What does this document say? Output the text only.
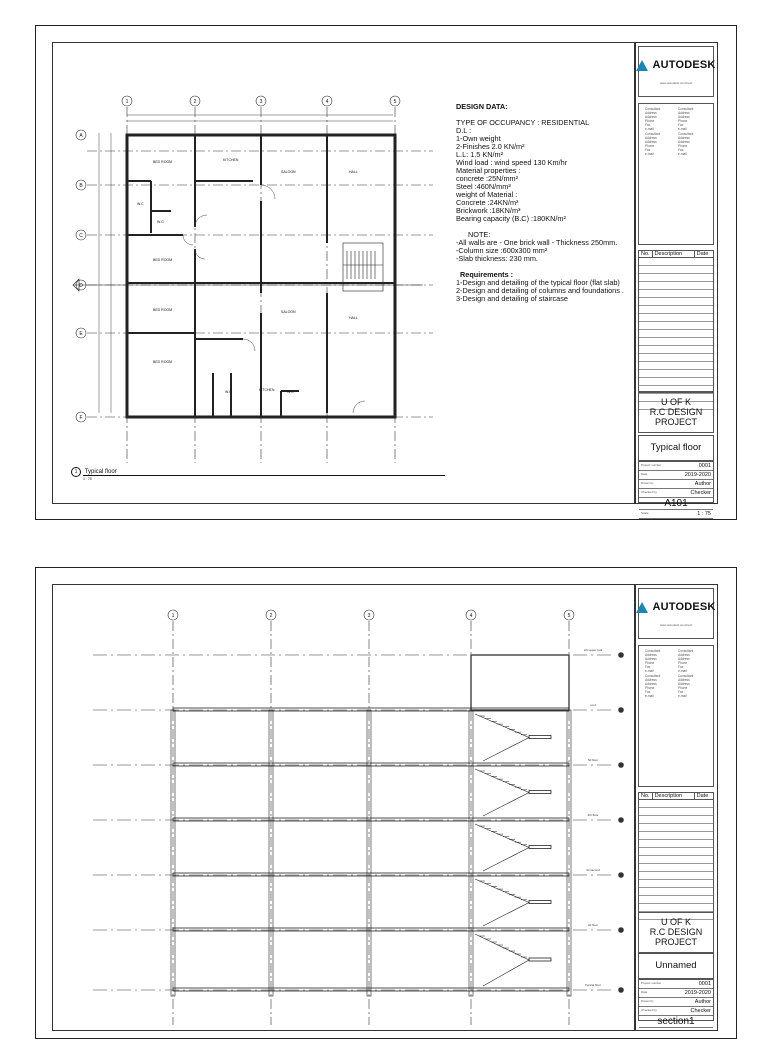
1	2	3	4	5
A
B
C
D
E
F
BED ROOM	KITCHEN
SALOON	HALL
W.C
W.C
BED ROOM
BED ROOM	SALOON
HALL
BED ROOM
KITCHEN
W.C	W.C
DESIGN DATA:
TYPE OF OCCUPANCY : RESIDENTIAL
D.L :
1-Own weight
2-Finishes 2.0 KN/m²
L.L: 1.5 KN/m²
Wind load : wind speed 130 Km/hr
Material properties :
concrete :25N/mm²
Steel :460N/mm²
weight of Material :
Concrete :24KN/m³
Brickwork :18KN/m³
Bearing capacity (B.C) :180KN/m²
NOTE:
-All walls are - One brick wall - Thickness 250mm.
-Column size :600x300 mm²
-Slab thickness: 230 mm.
Requirements :
1-Design and detailing of the typical floor (flat slab)
2-Design and detailing of columns and foundations .
3-Design and detailing of staircase
1 Typical floor
1 : 75
AUTODESK
www.autodesk.com/revit
Consultant
Address
Address
Phone
Fax
e-mail
Consultant
Address
Address
Phone
Fax
e-mail
Consultant
Address
Address
Phone
Fax
e-mail
Consultant
Address
Address
Phone
Fax
e-mail
No. Description	Date
U OF K
R.C DESIGN
PROJECT
Typical floor
Project number	0001
Date	2019-2020
Drawn by	Author
Checked by	Checker
A101
Scale	1 : 75
1	2	3	4	5
Lift upper roof
roof
5d floor
4th floor
3d second
2d floor
Typical floor
AUTODESK
www.autodesk.com/revit
Consultant
Address
Address
Phone
Fax
e-mail
Consultant
Address
Address
Phone
Fax
e-mail
Consultant
Address
Address
Phone
Fax
e-mail
Consultant
Address
Address
Phone
Fax
e-mail
No. Description	Date
U OF K
R.C DESIGN
PROJECT
Unnamed
Project number	0001
Date	2019-2020
Drawn by	Author
Checked by	Checker
section1
